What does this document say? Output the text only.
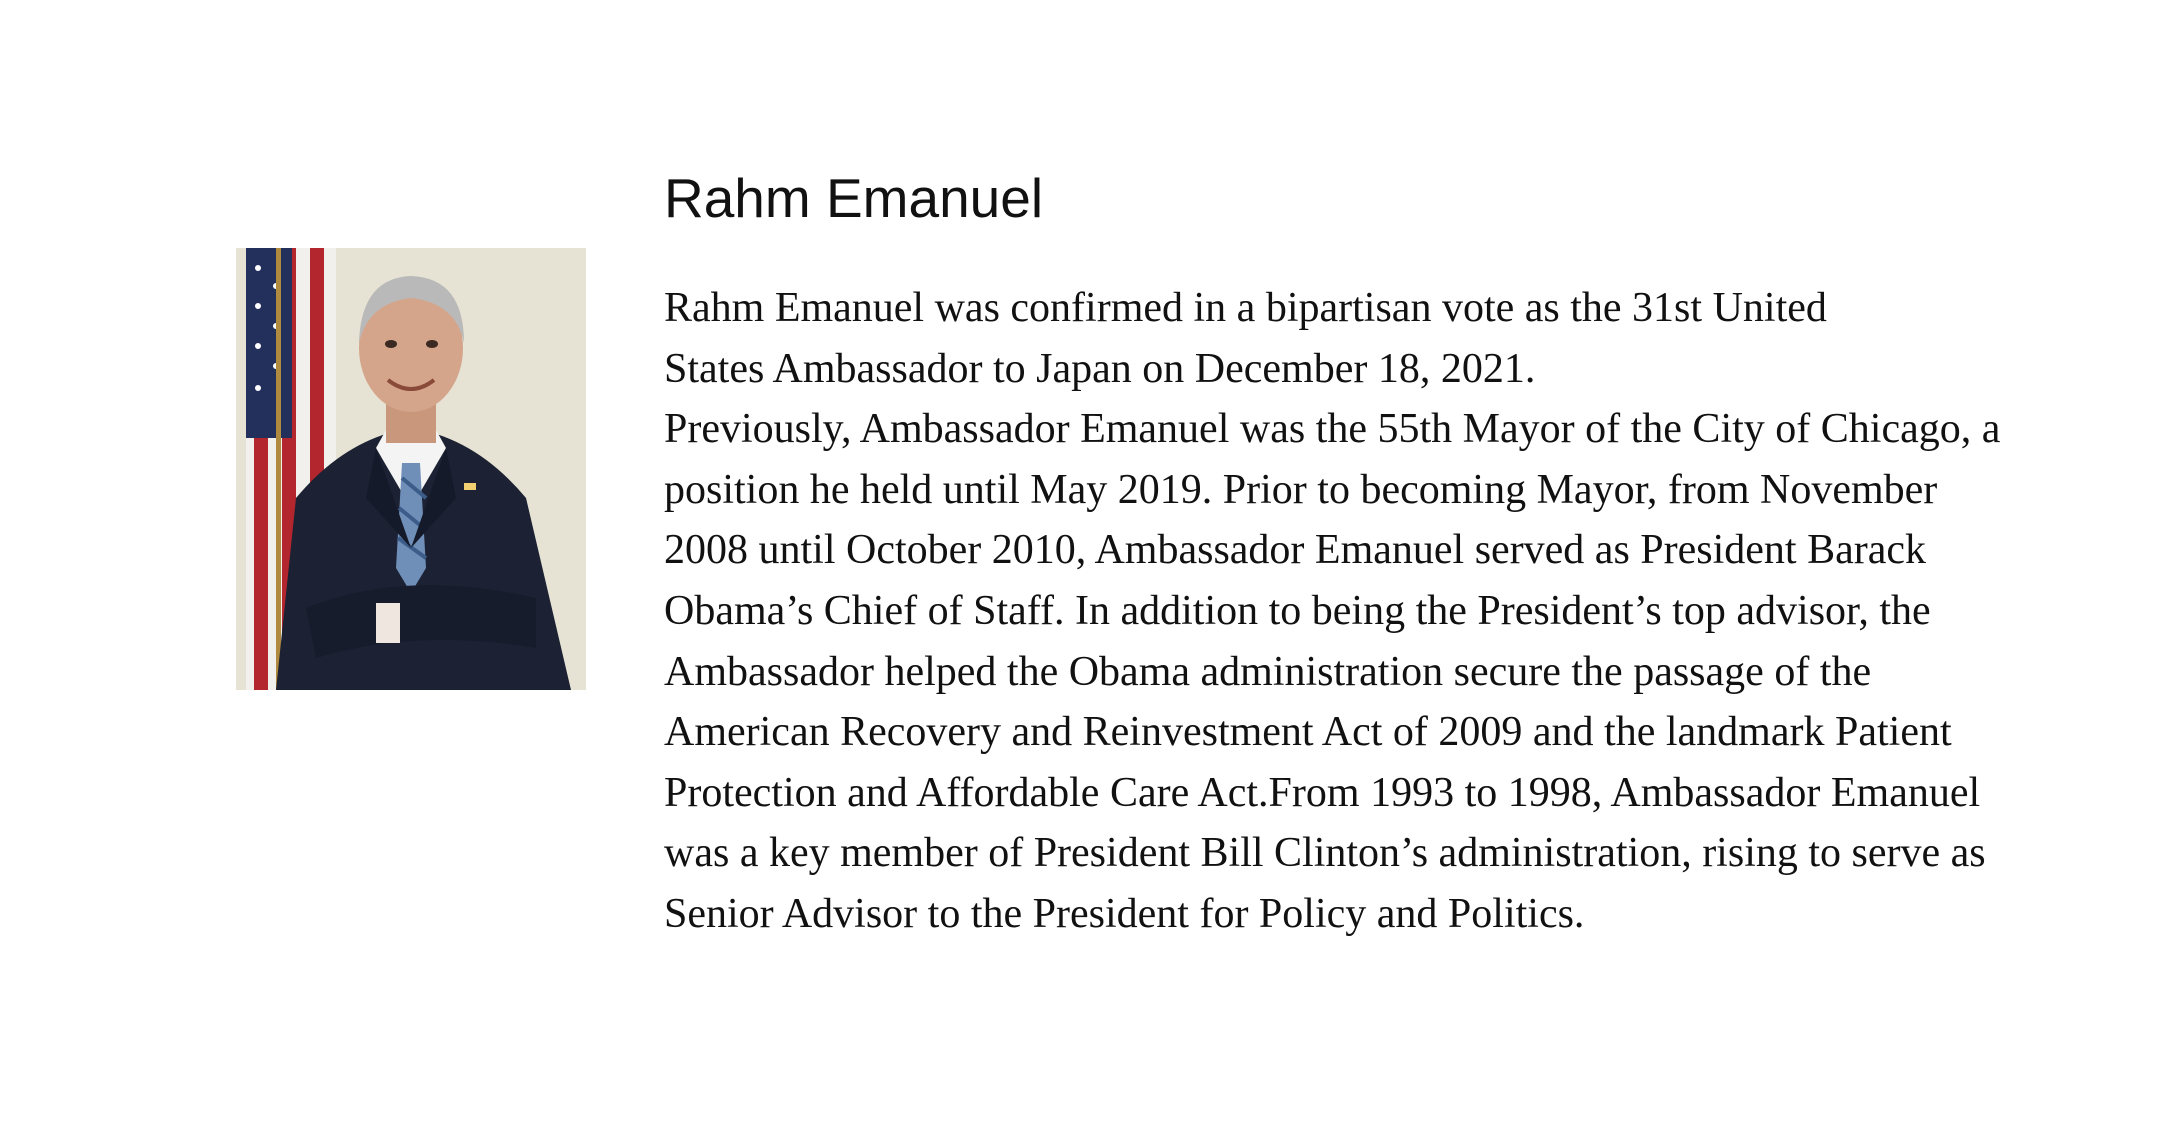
Rahm Emanuel
Rahm Emanuel was confirmed in a bipartisan vote as the 31st United
States Ambassador to Japan on December 18, 2021.
Previously, Ambassador Emanuel was the 55th Mayor of the City of Chicago, a
position he held until May 2019. Prior to becoming Mayor, from November
2008 until October 2010, Ambassador Emanuel served as President Barack
Obama’s Chief of Staff. In addition to being the President’s top advisor, the
Ambassador helped the Obama administration secure the passage of the
American Recovery and Reinvestment Act of 2009 and the landmark Patient
Protection and Affordable Care Act.From 1993 to 1998, Ambassador Emanuel
was a key member of President Bill Clinton’s administration, rising to serve as
Senior Advisor to the President for Policy and Politics.
